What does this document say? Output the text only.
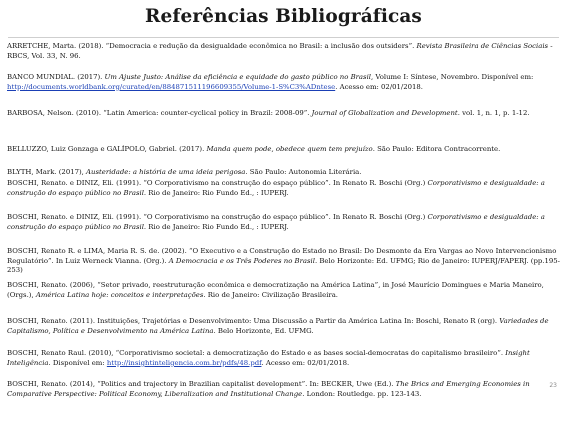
Referências Bibliográficas
ARRETCHE, Marta. (2018). “Democracia e redução da desigualdade econômica no Brasil: a inclusão dos outsiders”. Revista Brasileira de Ciências Sociais - RBCS, Vol. 33, N. 96.
BANCO MUNDIAL. (2017). Um Ajuste Justo: Análise da eficiência e equidade do gasto público no Brasil, Volume I: Síntese, Novembro. Disponível em: http://documents.worldbank.org/curated/en/884871511196609355/Volume-1-S%C3%ADntese. Acesso em: 02/01/2018.
BARBOSA, Nelson. (2010). “Latin America: counter-cyclical policy in Brazil: 2008-09”. Journal of Globalization and Development. vol. 1, n. 1, p. 1-12.
BELLUZZO, Luiz Gonzaga e GALÍPOLO, Gabriel. (2017). Manda quem pode, obedece quem tem prejuízo. São Paulo: Editora Contracorrente.
BLYTH, Mark. (2017), Austeridade: a história de uma ideia perigosa. São Paulo: Autonomia Literária.
BOSCHI, Renato. e DINIZ, Eli. (1991). “O Corporativismo na construção do espaço público”. In Renato R. Boschi (Org.) Corporativismo e desigualdade: a construção do espaço público no Brasil. Rio de Janeiro: Rio Fundo Ed., : IUPERJ.
BOSCHI, Renato. e DINIZ, Eli. (1991). “O Corporativismo na construção do espaço público”. In Renato R. Boschi (Org.) Corporativismo e desigualdade: a construção do espaço público no Brasil. Rio de Janeiro: Rio Fundo Ed., : IUPERJ.
BOSCHI, Renato R. e LIMA, Maria R. S. de. (2002). “O Executivo e a Construção do Estado no Brasil: Do Desmonte da Era Vargas ao Novo Intervencionismo Regulatório”. In Luiz Werneck Vianna. (Org.). A Democracia e os Três Poderes no Brasil. Belo Horizonte: Ed. UFMG; Rio de Janeiro: IUPERJ/FAPERJ. (pp.195-253)
BOSCHI, Renato. (2006), “Setor privado, reestruturação econômica e democratização na América Latina”, in José Maurício Domingues e Maria Maneiro, (Orgs.), América Latina hoje: conceitos e interpretações. Rio de Janeiro: Civilização Brasileira.
BOSCHI, Renato. (2011). Instituições, Trajetórias e Desenvolvimento: Uma Discussão a Partir da América Latina In: Boschi, Renato R (org). Variedades de Capitalismo, Política e Desenvolvimento na América Latina. Belo Horizonte, Ed. UFMG.
BOSCHI, Renato Raul. (2010), “Corporativismo societal: a democratização do Estado e as bases social-democratas do capitalismo brasileiro”. Insight Inteligência. Disponível em: http://insightinteligencia.com.br/pdfs/48.pdf. Acesso em: 02/01/2018.
BOSCHI, Renato. (2014), “Politics and trajectory in Brazilian capitalist development”. In: BECKER, Uwe (Ed.). The Brics and Emerging Economies in Comparative Perspective: Political Economy, Liberalization and Institutional Change. London: Routledge. pp. 123-143.
23
